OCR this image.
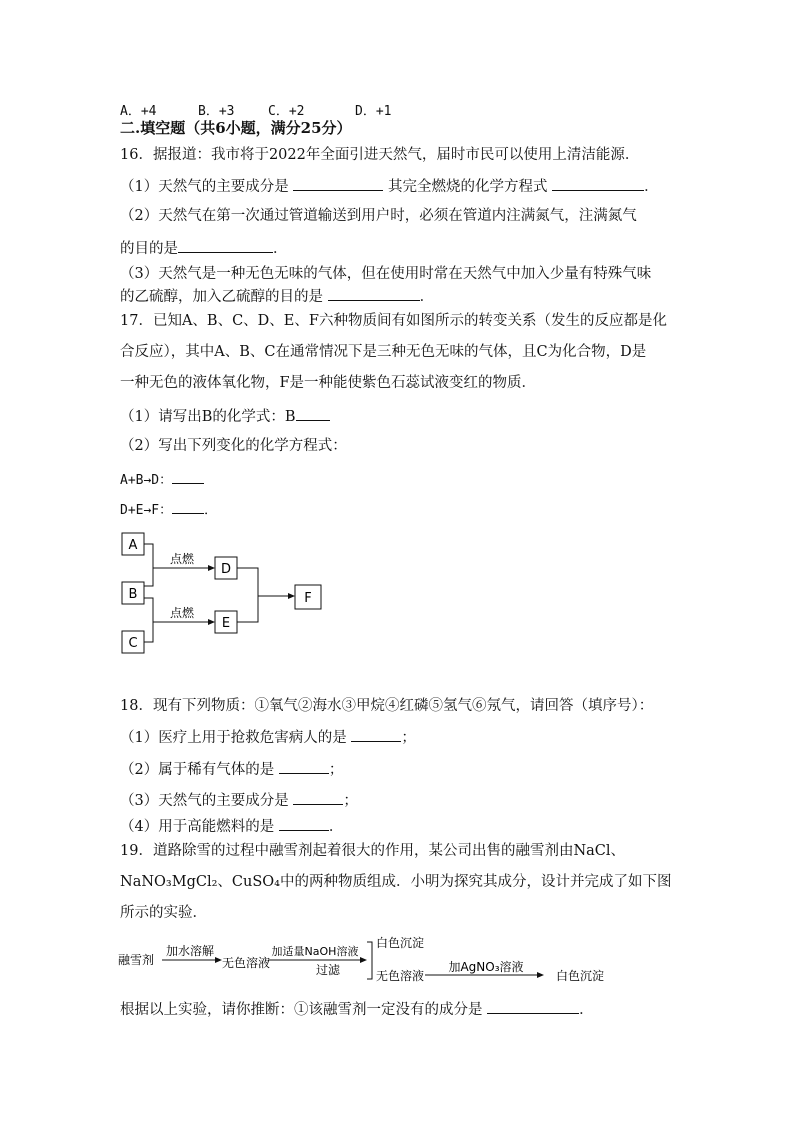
A．+4	B．+3	C．+2	D．+1
二.填空题（共6小题，满分25分）
16．据报道：我市将于2022年全面引进天然气，届时市民可以使用上清洁能源．
（1）天然气的主要成分是	其完全燃烧的化学方程式	．
（2）天然气在第一次通过管道输送到用户时，必须在管道内注满氮气，注满氮气
的目的是	．
（3）天然气是一种无色无味的气体，但在使用时常在天然气中加入少量有特殊气味
的乙硫醇，加入乙硫醇的目的是	．
17．已知A、B、C、D、E、F六种物质间有如图所示的转变关系（发生的反应都是化
合反应），其中A、B、C在通常情况下是三种无色无味的气体，且C为化合物，D是
一种无色的液体氧化物，F是一种能使紫色石蕊试液变红的物质．
（1）请写出B的化学式：B
（2）写出下列变化的化学方程式：
A+B→D：
D+E→F： ．
A
B
C
D
E
F
点燃
点燃
18．现有下列物质：①氧气②海水③甲烷④红磷⑤氢气⑥氖气，请回答（填序号）：
（1）医疗上用于抢救危害病人的是	；
（2）属于稀有气体的是	；
（3）天然气的主要成分是	；
（4）用于高能燃料的是	．
19．道路除雪的过程中融雪剂起着很大的作用，某公司出售的融雪剂由NaCl、
NaNO₃MgCl₂、CuSO₄中的两种物质组成．小明为探究其成分，设计并完成了如下图
所示的实验．
融雪剂
加水溶解
无色溶液
加适量NaOH溶液
过滤
白色沉淀
无色溶液
加AgNO₃溶液
白色沉淀
根据以上实验，请你推断：①该融雪剂一定没有的成分是	．
